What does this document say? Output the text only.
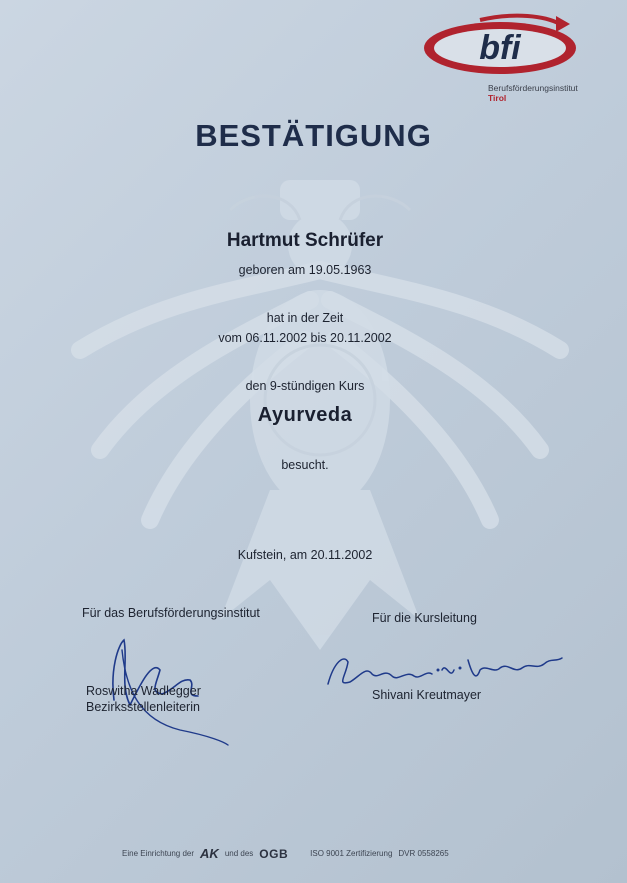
bfi
Berufsförderungsinstitut
Tirol
BESTÄTIGUNG
Hartmut Schrüfer
geboren am 19.05.1963
hat in der Zeit
vom 06.11.2002 bis 20.11.2002
den 9-stündigen Kurs
Ayurveda
besucht.
Kufstein, am 20.11.2002
Für das Berufsförderungsinstitut	Für die Kursleitung
Roswitha Wadlegger
Bezirksstellenleiterin
Shivani Kreutmayer
Eine Einrichtung der AK und des OGB	ISO 9001 Zertifizierung DVR 0558265
